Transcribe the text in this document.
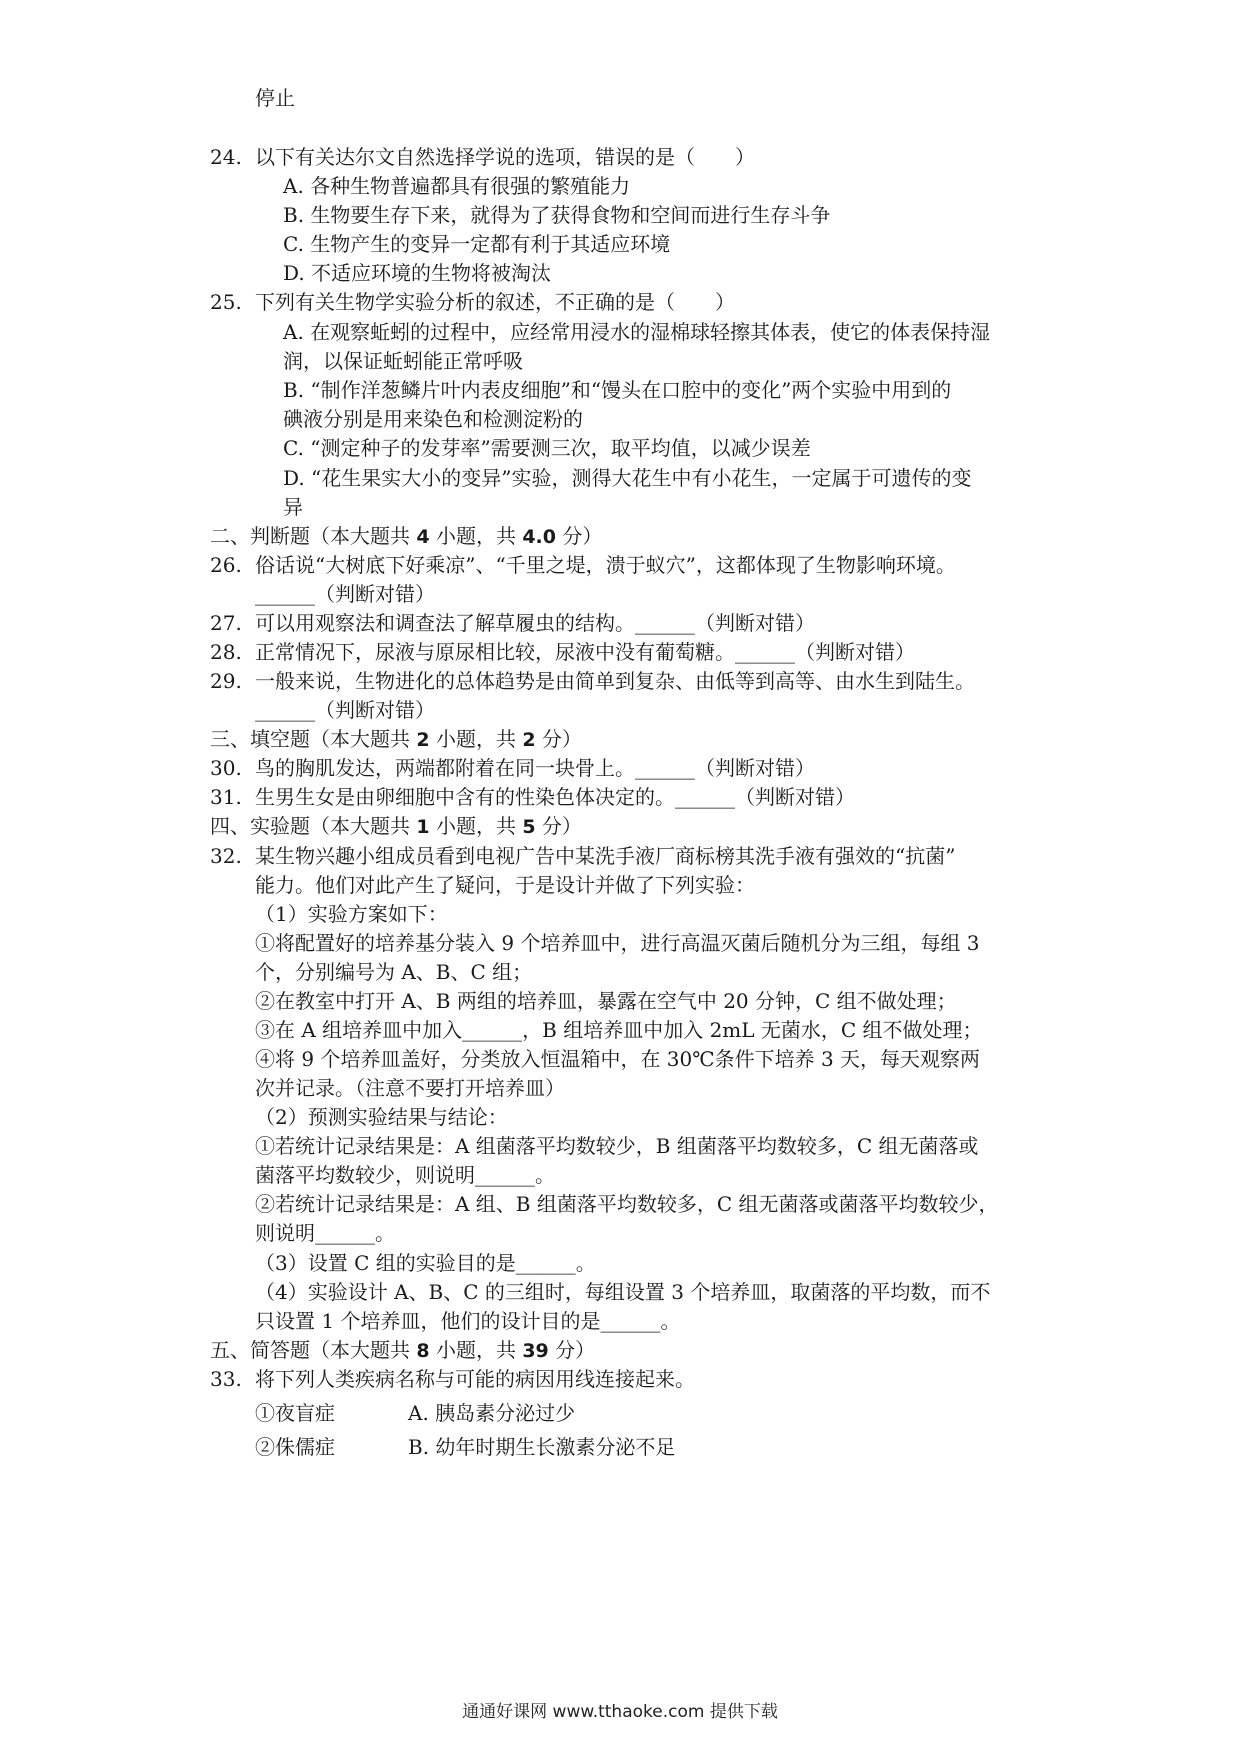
停止
24. 以下有关达尔文自然选择学说的选项，错误的是（　　）
A. 各种生物普遍都具有很强的繁殖能力
B. 生物要生存下来，就得为了获得食物和空间而进行生存斗争
C. 生物产生的变异一定都有利于其适应环境
D. 不适应环境的生物将被淘汰
25. 下列有关生物学实验分析的叙述，不正确的是（　　）
A. 在观察蚯蚓的过程中，应经常用浸水的湿棉球轻擦其体表，使它的体表保持湿
润，以保证蚯蚓能正常呼吸
B. “制作洋葱鳞片叶内表皮细胞”和“馒头在口腔中的变化”两个实验中用到的
碘液分别是用来染色和检测淀粉的
C. “测定种子的发芽率”需要测三次，取平均值，以减少误差
D. “花生果实大小的变异”实验，测得大花生中有小花生，一定属于可遗传的变
异
二、判断题（本大题共 4 小题，共 4.0 分）
26. 俗话说“大树底下好乘凉”、“千里之堤，溃于蚁穴”，这都体现了生物影响环境。
______（判断对错）
27. 可以用观察法和调查法了解草履虫的结构。______（判断对错）
28. 正常情况下，尿液与原尿相比较，尿液中没有葡萄糖。______（判断对错）
29. 一般来说，生物进化的总体趋势是由简单到复杂、由低等到高等、由水生到陆生。
______（判断对错）
三、填空题（本大题共 2 小题，共 2 分）
30. 鸟的胸肌发达，两端都附着在同一块骨上。______（判断对错）
31. 生男生女是由卵细胞中含有的性染色体决定的。______（判断对错）
四、实验题（本大题共 1 小题，共 5 分）
32. 某生物兴趣小组成员看到电视广告中某洗手液厂商标榜其洗手液有强效的“抗菌”
能力。他们对此产生了疑问，于是设计并做了下列实验：
（1）实验方案如下：
①将配置好的培养基分装入 9 个培养皿中，进行高温灭菌后随机分为三组，每组 3
个，分别编号为 A、B、C 组；
②在教室中打开 A、B 两组的培养皿，暴露在空气中 20 分钟，C 组不做处理；
③在 A 组培养皿中加入______，B 组培养皿中加入 2mL 无菌水，C 组不做处理；
④将 9 个培养皿盖好，分类放入恒温箱中，在 30℃条件下培养 3 天，每天观察两
次并记录。（注意不要打开培养皿）
（2）预测实验结果与结论：
①若统计记录结果是：A 组菌落平均数较少，B 组菌落平均数较多，C 组无菌落或
菌落平均数较少，则说明______。
②若统计记录结果是：A 组、B 组菌落平均数较多，C 组无菌落或菌落平均数较少，
则说明______。
（3）设置 C 组的实验目的是______。
（4）实验设计 A、B、C 的三组时，每组设置 3 个培养皿，取菌落的平均数，而不
只设置 1 个培养皿，他们的设计目的是______。
五、简答题（本大题共 8 小题，共 39 分）
33. 将下列人类疾病名称与可能的病因用线连接起来。
①夜盲症	A. 胰岛素分泌过少
②侏儒症	B. 幼年时期生长激素分泌不足
通通好课网 www.tthaoke.com 提供下载
